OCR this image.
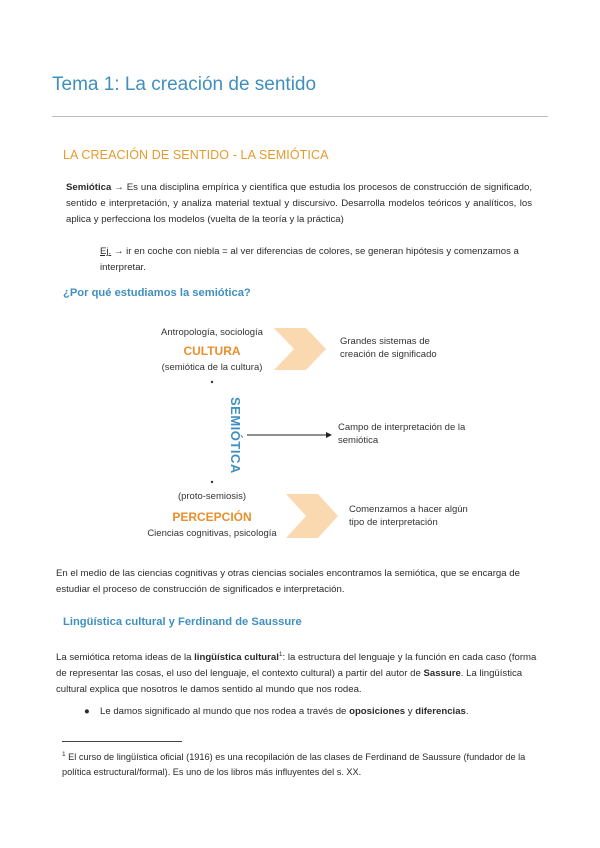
Tema 1: La creación de sentido
LA CREACIÓN DE SENTIDO - LA SEMIÓTICA
Semiótica → Es una disciplina empírica y científica que estudia los procesos de construcción de significado, sentido e interpretación, y analiza material textual y discursivo. Desarrolla modelos teóricos y analíticos, los aplica y perfecciona los modelos (vuelta de la teoría y la práctica)
Ej. → ir en coche con niebla = al ver diferencias de colores, se generan hipótesis y comenzamos a interpretar.
¿Por qué estudiamos la semiótica?
Antropología, sociología
CULTURA
(semiótica de la cultura)
Grandes sistemas de creación de significado
SEMIÓTICA	Campo de interpretación de la semiótica
(proto-semiosis)
PERCEPCIÓN
Ciencias cognitivas, psicología
Comenzamos a hacer algún tipo de interpretación
En el medio de las ciencias cognitivas y otras ciencias sociales encontramos la semiótica, que se encarga de estudiar el proceso de construcción de significados e interpretación.
Lingüística cultural y Ferdinand de Saussure
La semiótica retoma ideas de la lingüística cultural$^1$: la estructura del lenguaje y la función en cada caso (forma de representar las cosas, el uso del lenguaje, el contexto cultural) a partir del autor de Sassure. La lingüística cultural explica que nosotros le damos sentido al mundo que nos rodea.
● Le damos significado al mundo que nos rodea a través de oposiciones y diferencias.
$^1$ El curso de lingüística oficial (1916) es una recopilación de las clases de Ferdinand de Saussure (fundador de la política estructural/formal). Es uno de los libros más influyentes del s. XX.
